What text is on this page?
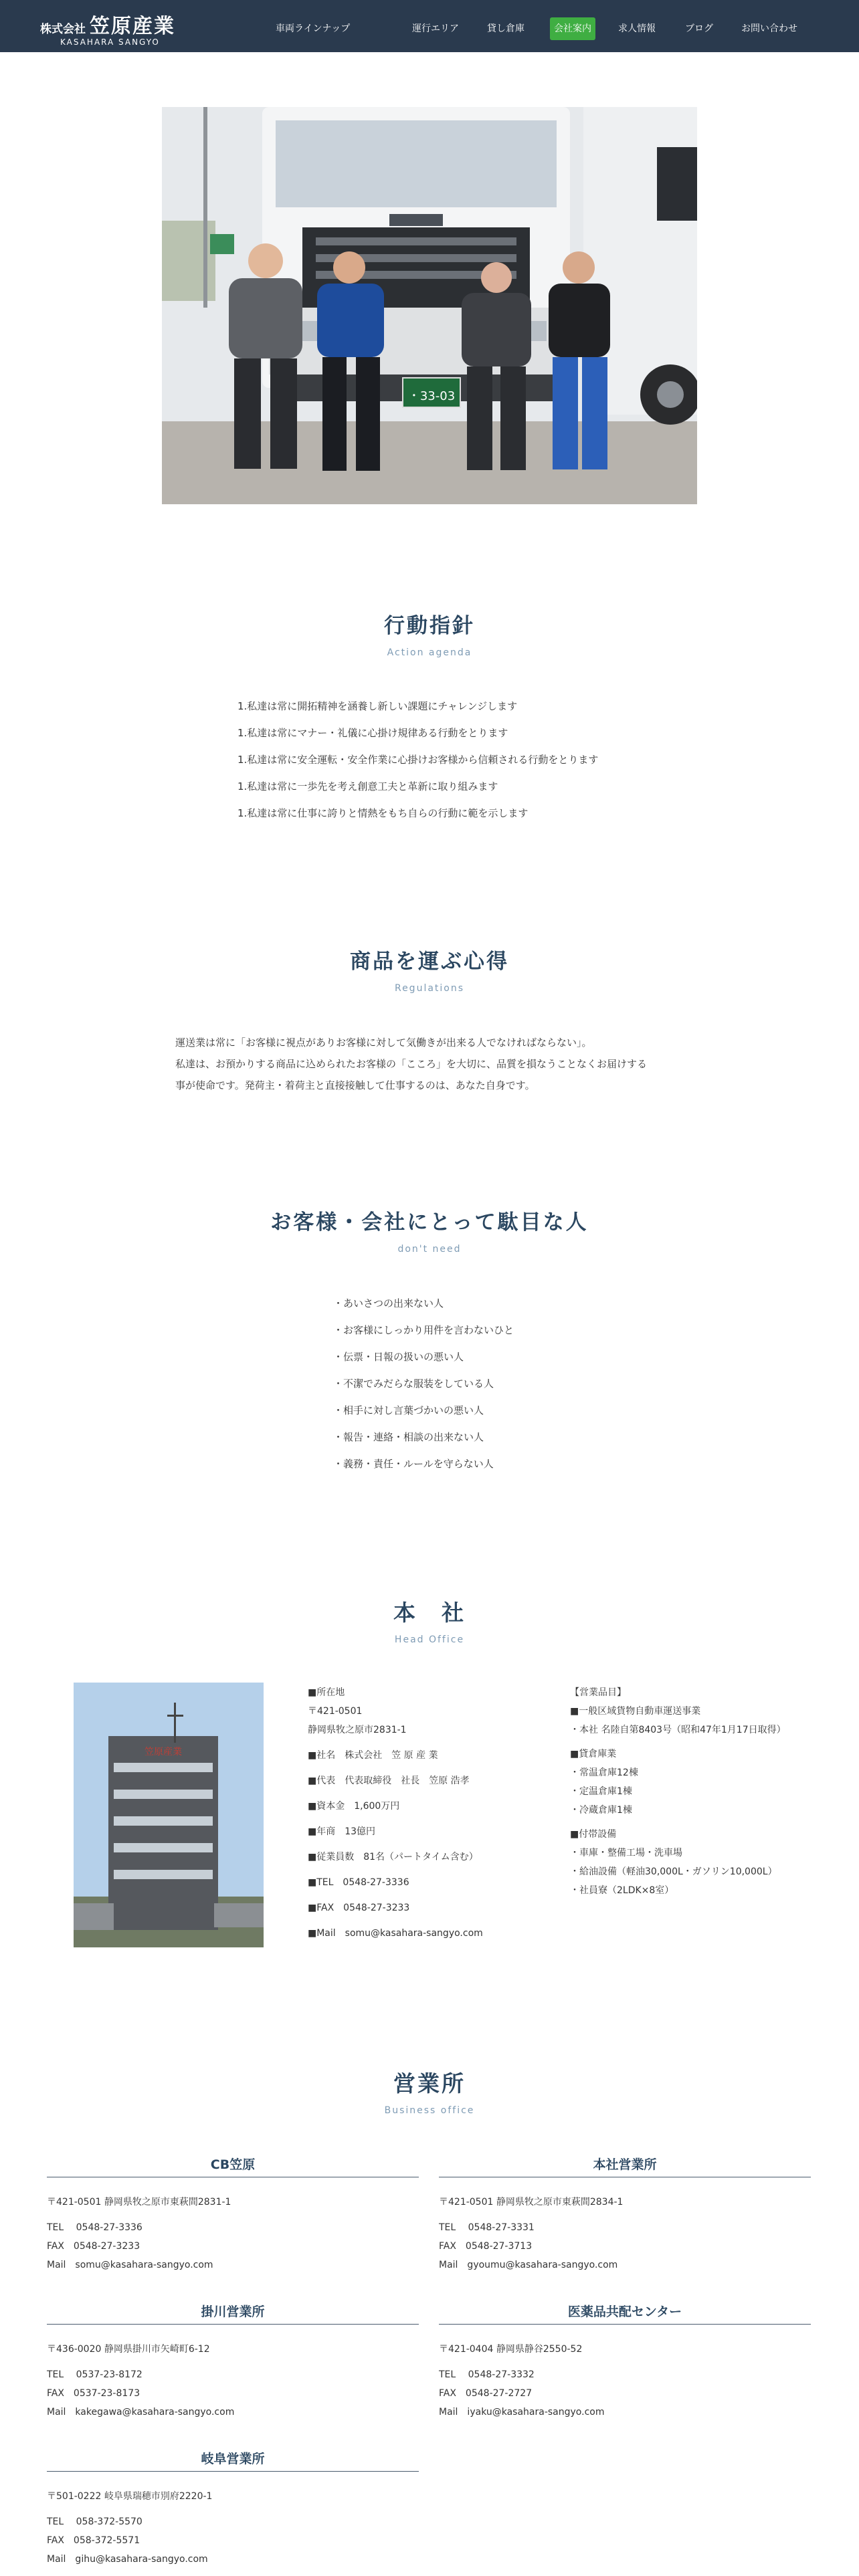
株式会社 笠原産業
KASAHARA SANGYO
車両ラインナップ	運行エリア	貸し倉庫	会社案内	求人情報	ブログ	お問い合わせ
・33-03
行動指針
Action agenda
1.私達は常に開拓精神を涵養し新しい課題にチャレンジします
1.私達は常にマナー・礼儀に心掛け規律ある行動をとります
1.私達は常に安全運転・安全作業に心掛けお客様から信頼される行動をとります
1.私達は常に一歩先を考え創意工夫と革新に取り組みます
1.私達は常に仕事に誇りと情熱をもち自らの行動に範を示します
商品を運ぶ心得
Regulations
運送業は常に「お客様に視点がありお客様に対して気働きが出来る人でなければならない」。
私達は、お預かりする商品に込められたお客様の「こころ」を大切に、品質を損なうことなくお届けする
事が使命です。発荷主・着荷主と直接接触して仕事するのは、あなた自身です。
お客様・会社にとって駄目な人
don't need
・あいさつの出来ない人
・お客様にしっかり用件を言わないひと
・伝票・日報の扱いの悪い人
・不潔でみだらな服装をしている人
・相手に対し言葉づかいの悪い人
・報告・連絡・相談の出来ない人
・義務・責任・ルールを守らない人
本　社
Head Office
笠原産業
■所在地
〒421-0501
静岡県牧之原市2831-1
■社名　株式会社　笠 原 産 業
■代表　代表取締役　社長　笠原 浩孝
■資本金　1,600万円
■年商　13億円
■従業員数　81名（パートタイム含む）
■TEL　0548-27-3336
■FAX　0548-27-3233
■Mail　somu@kasahara-sangyo.com
【営業品目】
■一般区域貨物自動車運送事業
・本社 名陸自第8403号（昭和47年1月17日取得）
■貸倉庫業
・常温倉庫12棟
・定温倉庫1棟
・冷蔵倉庫1棟
■付帯設備
・車庫・整備工場・洗車場
・給油設備（軽油30,000L・ガソリン10,000L）
・社員寮（2LDK×8室）
営業所
Business office
CB笠原
〒421-0501 静岡県牧之原市東萩間2831-1
TEL　 0548-27-3336
FAX　0548-27-3233
Mail　somu@kasahara-sangyo.com
本社営業所
〒421-0501 静岡県牧之原市東萩間2834-1
TEL　 0548-27-3331
FAX　0548-27-3713
Mail　gyoumu@kasahara-sangyo.com
掛川営業所
〒436-0020 静岡県掛川市矢崎町6-12
TEL　 0537-23-8172
FAX　0537-23-8173
Mail　kakegawa@kasahara-sangyo.com
医薬品共配センター
〒421-0404 静岡県静谷2550-52
TEL　 0548-27-3332
FAX　0548-27-2727
Mail　iyaku@kasahara-sangyo.com
岐阜営業所
〒501-0222 岐阜県瑞穂市別府2220-1
TEL　 058-372-5570
FAX　058-372-5571
Mail　gihu@kasahara-sangyo.com
